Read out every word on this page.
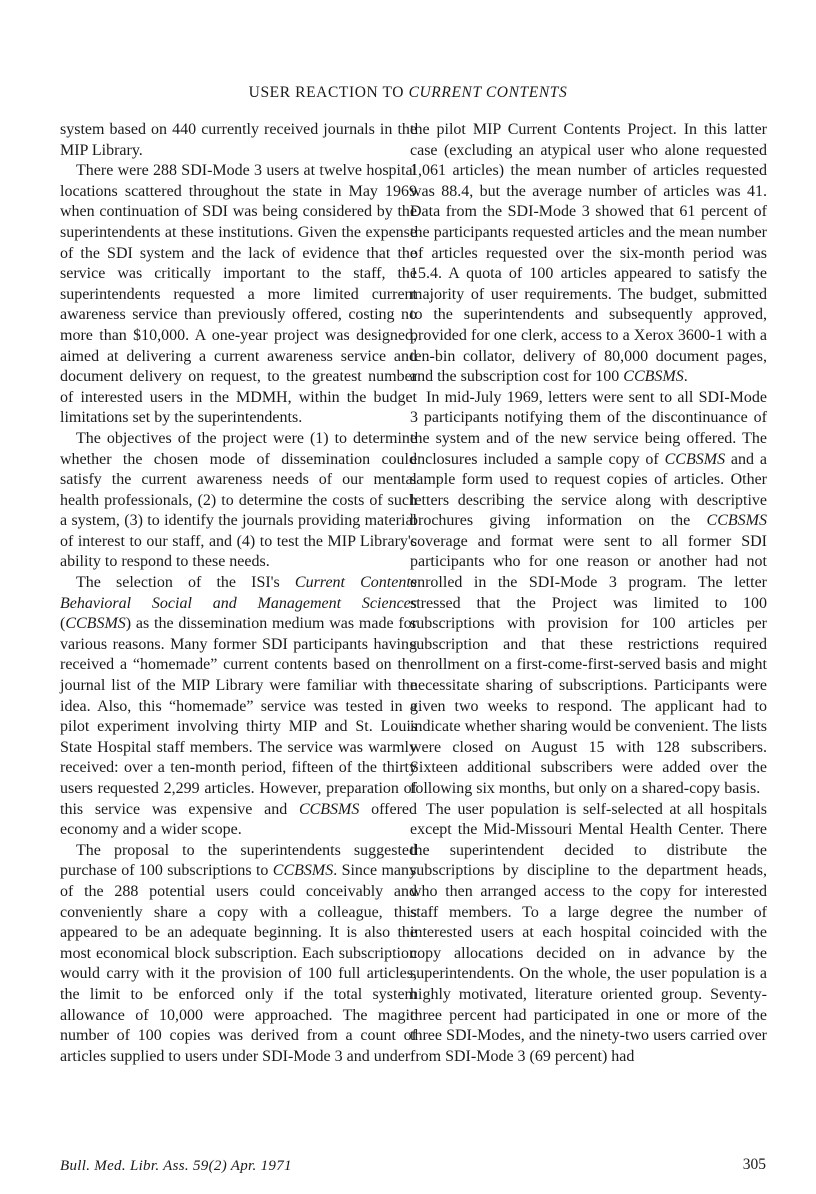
USER REACTION TO CURRENT CONTENTS

system based on 440 currently received journals in the MIP Library.

There were 288 SDI-Mode 3 users at twelve hospital locations scattered throughout the state in May 1969 when continuation of SDI was being considered by the superintendents at these institutions. Given the expense of the SDI system and the lack of evidence that the service was critically important to the staff, the superintendents requested a more limited current awareness service than previously offered, costing no more than $10,000. A one-year project was designed, aimed at delivering a current awareness service and document delivery on request, to the greatest number of interested users in the MDMH, within the budget limitations set by the superintendents.

The objectives of the project were (1) to determine whether the chosen mode of dissemination could satisfy the current awareness needs of our mental health professionals, (2) to determine the costs of such a system, (3) to identify the journals providing material of interest to our staff, and (4) to test the MIP Library's ability to respond to these needs.

The selection of the ISI's Current Contents Behavioral Social and Management Sciences (CCBSMS) as the dissemination medium was made for various reasons. Many former SDI participants having received a “homemade” current contents based on the journal list of the MIP Library were familiar with the idea. Also, this “homemade” service was tested in a pilot experiment involving thirty MIP and St. Louis State Hospital staff members. The service was warmly received: over a ten-month period, fifteen of the thirty users requested 2,299 articles. However, preparation of this service was expensive and CCBSMS offered economy and a wider scope.

The proposal to the superintendents suggested purchase of 100 subscriptions to CCBSMS. Since many of the 288 potential users could conceivably and conveniently share a copy with a colleague, this appeared to be an adequate beginning. It is also the most economical block subscription. Each subscription would carry with it the provision of 100 full articles, the limit to be enforced only if the total system allowance of 10,000 were approached. The magic number of 100 copies was derived from a count of articles supplied to users under SDI-Mode 3 and under

the pilot MIP Current Contents Project. In this latter case (excluding an atypical user who alone requested 1,061 articles) the mean number of articles requested was 88.4, but the average number of articles was 41. Data from the SDI-Mode 3 showed that 61 percent of the participants requested articles and the mean number of articles requested over the six-month period was 15.4. A quota of 100 articles appeared to satisfy the majority of user requirements. The budget, submitted to the superintendents and subsequently approved, provided for one clerk, access to a Xerox 3600-1 with a ten-bin collator, delivery of 80,000 document pages, and the subscription cost for 100 CCBSMS.

In mid-July 1969, letters were sent to all SDI-Mode 3 participants notifying them of the discontinuance of the system and of the new service being offered. The enclosures included a sample copy of CCBSMS and a sample form used to request copies of articles. Other letters describing the service along with descriptive brochures giving information on the CCBSMS coverage and format were sent to all former SDI participants who for one reason or another had not enrolled in the SDI-Mode 3 program. The letter stressed that the Project was limited to 100 subscriptions with provision for 100 articles per subscription and that these restrictions required enrollment on a first-come-first-served basis and might necessitate sharing of subscriptions. Participants were given two weeks to respond. The applicant had to indicate whether sharing would be convenient. The lists were closed on August 15 with 128 subscribers. Sixteen additional subscribers were added over the following six months, but only on a shared-copy basis.

The user population is self-selected at all hospitals except the Mid-Missouri Mental Health Center. There the superintendent decided to distribute the subscriptions by discipline to the department heads, who then arranged access to the copy for interested staff members. To a large degree the number of interested users at each hospital coincided with the copy allocations decided on in advance by the superintendents. On the whole, the user population is a highly motivated, literature oriented group. Seventy-three percent had participated in one or more of the three SDI-Modes, and the ninety-two users carried over from SDI-Mode 3 (69 percent) had

Bull. Med. Libr. Ass. 59(2) Apr. 1971	305
